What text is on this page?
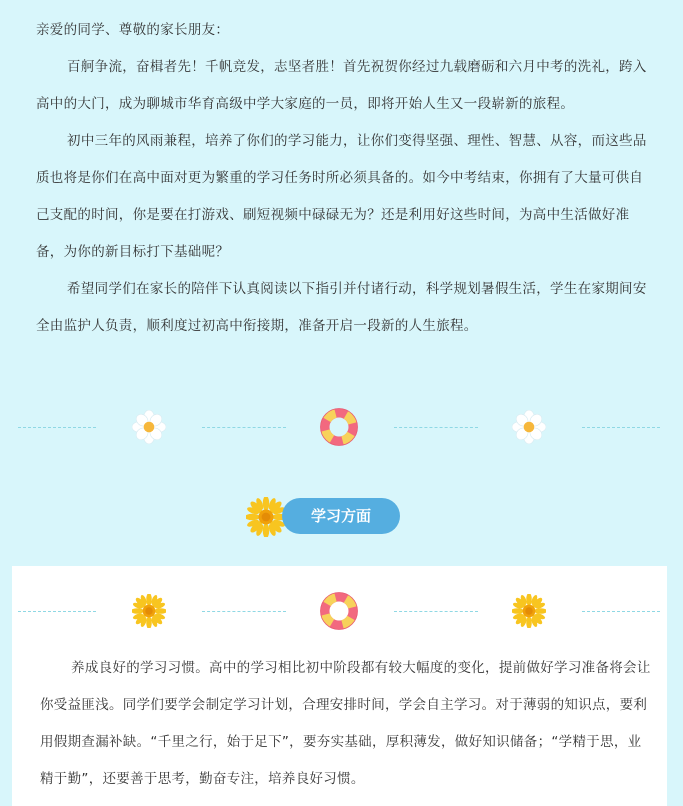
亲爱的同学、尊敬的家长朋友：

百舸争流，奋楫者先！千帆竞发，志坚者胜！首先祝贺你经过九载磨砺和六月中考的洗礼，跨入高中的大门，成为聊城市华育高级中学大家庭的一员，即将开始人生又一段崭新的旅程。

初中三年的风雨兼程，培养了你们的学习能力，让你们变得坚强、理性、智慧、从容，而这些品质也将是你们在高中面对更为繁重的学习任务时所必须具备的。如今中考结束，你拥有了大量可供自己支配的时间，你是要在打游戏、刷短视频中碌碌无为？还是利用好这些时间，为高中生活做好准备，为你的新目标打下基础呢？

希望同学们在家长的陪伴下认真阅读以下指引并付诸行动，科学规划暑假生活，学生在家期间安全由监护人负责，顺利度过初高中衔接期，准备开启一段新的人生旅程。

学习方面

养成良好的学习习惯。高中的学习相比初中阶段都有较大幅度的变化，提前做好学习准备将会让你受益匪浅。同学们要学会制定学习计划，合理安排时间，学会自主学习。对于薄弱的知识点，要利用假期查漏补缺。“千里之行，始于足下”，要夯实基础，厚积薄发，做好知识储备；“学精于思，业精于勤”，还要善于思考，勤奋专注，培养良好习惯。
